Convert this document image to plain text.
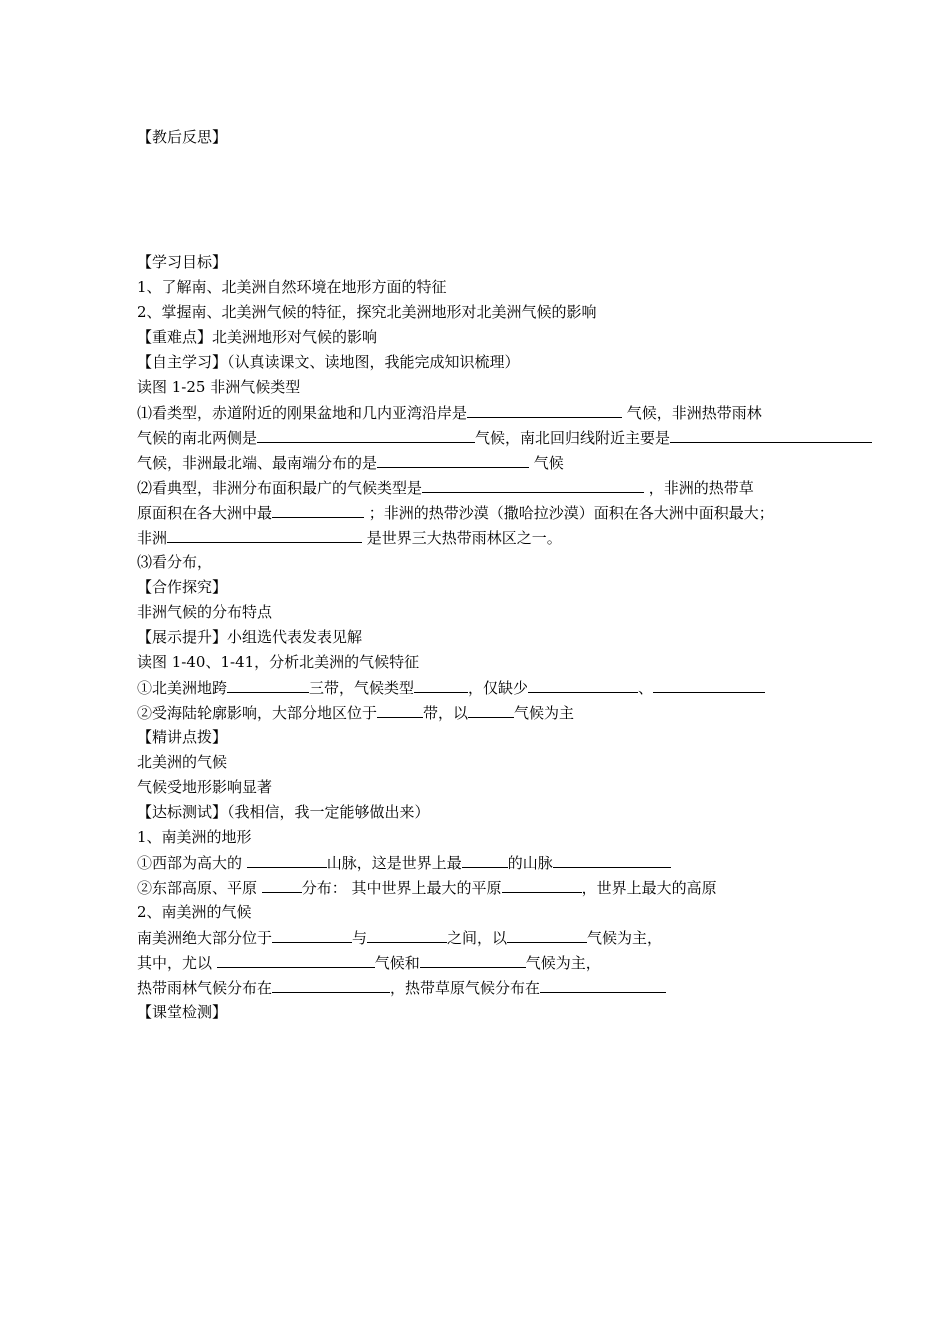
【教后反思】
【学习目标】
1、了解南、北美洲自然环境在地形方面的特征
2、掌握南、北美洲气候的特征，探究北美洲地形对北美洲气候的影响
【重难点】北美洲地形对气候的影响
【自主学习】（认真读课文、读地图，我能完成知识梳理）
读图 1-25 非洲气候类型
⑴看类型，赤道附近的刚果盆地和几内亚湾沿岸是	气候，非洲热带雨林
气候的南北两侧是	气候，南北回归线附近主要是
气候，非洲最北端、最南端分布的是	气候
⑵看典型，非洲分布面积最广的气候类型是	，非洲的热带草
原面积在各大洲中最	；非洲的热带沙漠（撒哈拉沙漠）面积在各大洲中面积最大；
非洲	是世界三大热带雨林区之一。
⑶看分布，
【合作探究】
非洲气候的分布特点
【展示提升】小组选代表发表见解
读图 1-40、1-41，分析北美洲的气候特征
①北美洲地跨	三带，气候类型	，仅缺少	、
②受海陆轮廓影响，大部分地区位于	带，以	气候为主
【精讲点拨】
北美洲的气候
气候受地形影响显著
【达标测试】（我相信，我一定能够做出来）
1、南美洲的地形
①西部为高大的	山脉，这是世界上最	的山脉
②东部高原、平原	分布： 其中世界上最大的平原	，世界上最大的高原
2、南美洲的气候
南美洲绝大部分位于	与	之间，以	气候为主，
其中，尤以	气候和	气候为主，
热带雨林气候分布在	，热带草原气候分布在
【课堂检测】
